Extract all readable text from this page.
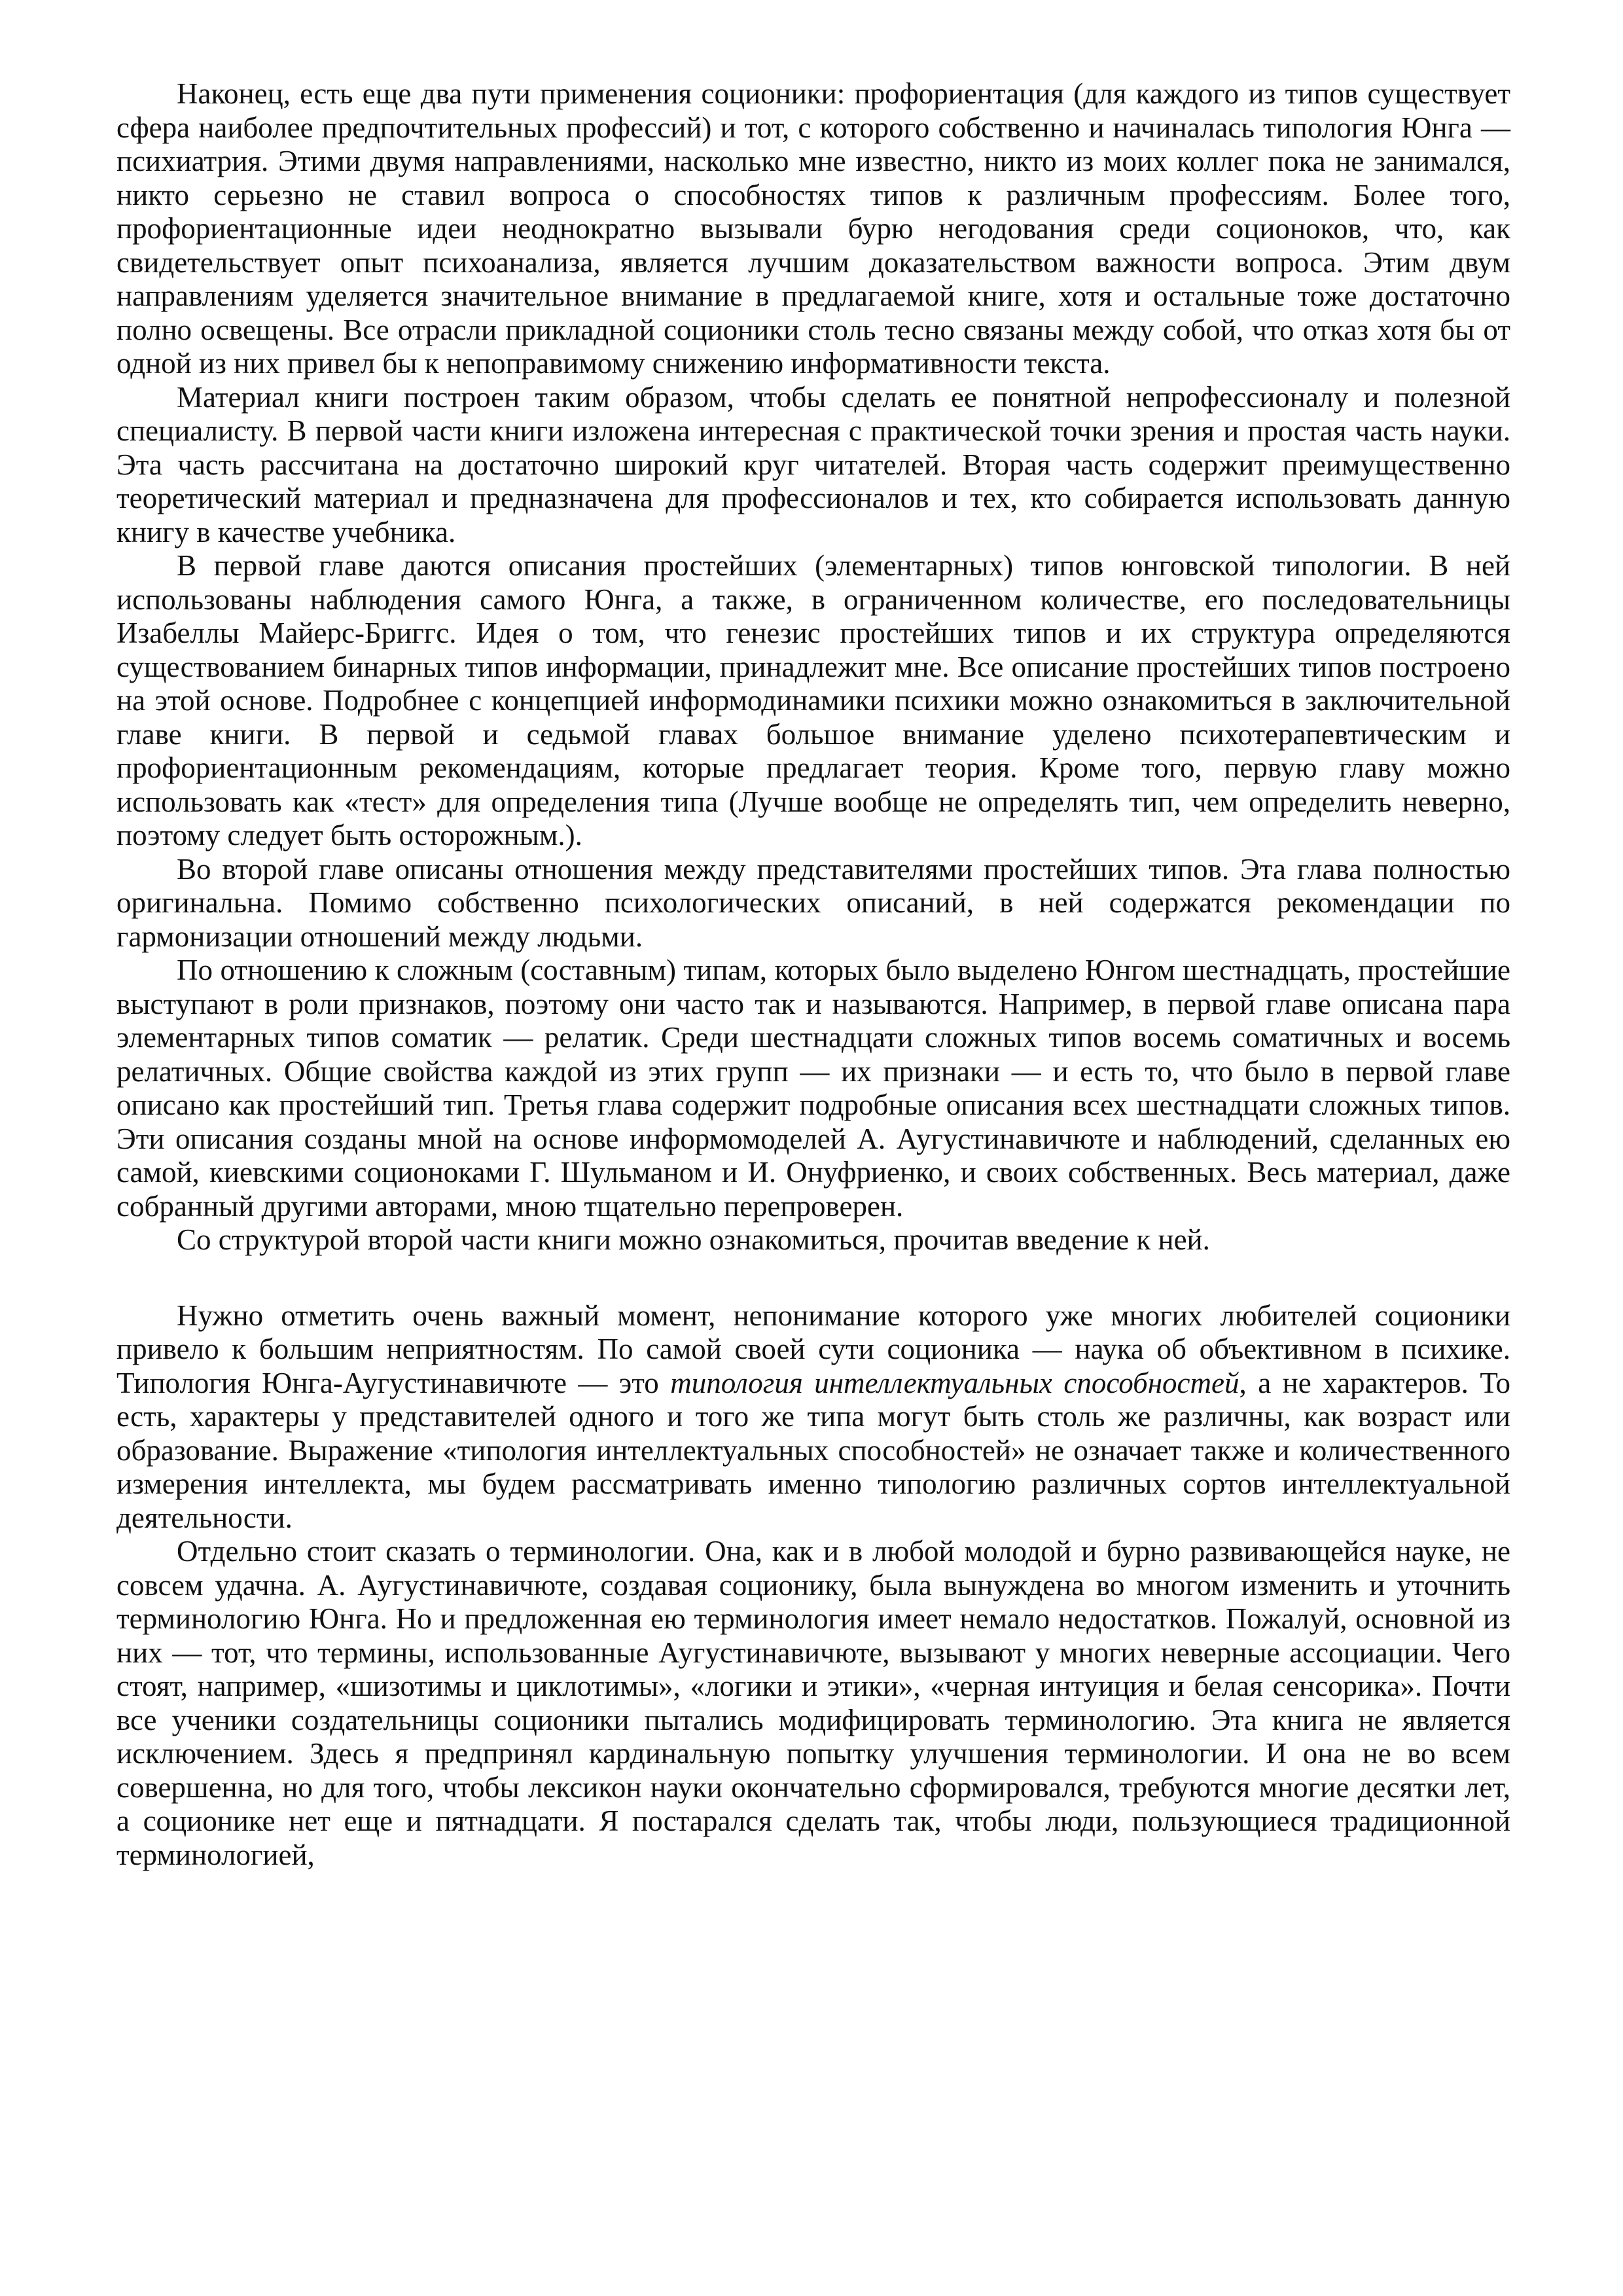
Наконец, есть еще два пути применения соционики: профориентация (для каждого из типов существует сфера наиболее предпочтительных профессий) и тот, с которого собственно и начиналась типология Юнга — психиатрия. Этими двумя направлениями, насколько мне известно, никто из моих коллег пока не занимался, никто серьезно не ставил вопроса о способностях типов к различным профессиям. Более того, профориентационные идеи неоднократно вызывали бурю негодования среди соционоков, что, как свидетельствует опыт психоанализа, является лучшим доказательством важности вопроса. Этим двум направлениям уделяется значительное внимание в предлагаемой книге, хотя и остальные тоже достаточно полно освещены. Все отрасли прикладной соционики столь тесно связаны между собой, что отказ хотя бы от одной из них привел бы к непоправимому снижению информативности текста.

Материал книги построен таким образом, чтобы сделать ее понятной непрофессионалу и полезной специалисту. В первой части книги изложена интересная с практической точки зрения и простая часть науки. Эта часть рассчитана на достаточно широкий круг читателей. Вторая часть содержит преимущественно теоретический материал и предназначена для профессионалов и тех, кто собирается использовать данную книгу в качестве учебника.

В первой главе даются описания простейших (элементарных) типов юнговской типологии. В ней использованы наблюдения самого Юнга, а также, в ограниченном количестве, его последовательницы Изабеллы Майерс-Бриггс. Идея о том, что генезис простейших типов и их структура определяются существованием бинарных типов информации, принадлежит мне. Все описание простейших типов построено на этой основе. Подробнее с концепцией информодинамики психики можно ознакомиться в заключительной главе книги. В первой и седьмой главах большое внимание уделено психотерапевтическим и профориентационным рекомендациям, которые предлагает теория. Кроме того, первую главу можно использовать как «тест» для определения типа (Лучше вообще не определять тип, чем определить неверно, поэтому следует быть осторожным.).

Во второй главе описаны отношения между представителями простейших типов. Эта глава полностью оригинальна. Помимо собственно психологических описаний, в ней содержатся рекомендации по гармонизации отношений между людьми.

По отношению к сложным (составным) типам, которых было выделено Юнгом шестнадцать, простейшие выступают в роли признаков, поэтому они часто так и называются. Например, в первой главе описана пара элементарных типов соматик — релатик. Среди шестнадцати сложных типов восемь соматичных и восемь релатичных. Общие свойства каждой из этих групп — их признаки — и есть то, что было в первой главе описано как простейший тип. Третья глава содержит подробные описания всех шестнадцати сложных типов. Эти описания созданы мной на основе информомоделей А. Аугустинавичюте и наблюдений, сделанных ею самой, киевскими соционоками Г. Шульманом и И. Онуфриенко, и своих собственных. Весь материал, даже собранный другими авторами, мною тщательно перепроверен.

Со структурой второй части книги можно ознакомиться, прочитав введение к ней.

Нужно отметить очень важный момент, непонимание которого уже многих любителей соционики привело к большим неприятностям. По самой своей сути соционика — наука об объективном в психике. Типология Юнга-Аугустинавичюте — это типология интеллектуальных способностей, а не характеров. То есть, характеры у представителей одного и того же типа могут быть столь же различны, как возраст или образование. Выражение «типология интеллектуальных способностей» не означает также и количественного измерения интеллекта, мы будем рассматривать именно типологию различных сортов интеллектуальной деятельности.

Отдельно стоит сказать о терминологии. Она, как и в любой молодой и бурно развивающейся науке, не совсем удачна. А. Аугустинавичюте, создавая соционику, была вынуждена во многом изменить и уточнить терминологию Юнга. Но и предложенная ею терминология имеет немало недостатков. Пожалуй, основной из них — тот, что термины, использованные Аугустинавичюте, вызывают у многих неверные ассоциации. Чего стоят, например, «шизотимы и циклотимы», «логики и этики», «черная интуиция и белая сенсорика». Почти все ученики создательницы соционики пытались модифицировать терминологию. Эта книга не является исключением. Здесь я предпринял кардинальную попытку улучшения терминологии. И она не во всем совершенна, но для того, чтобы лексикон науки окончательно сформировался, требуются многие десятки лет, а соционике нет еще и пятнадцати. Я постарался сделать так, чтобы люди, пользующиеся традиционной терминологией,
